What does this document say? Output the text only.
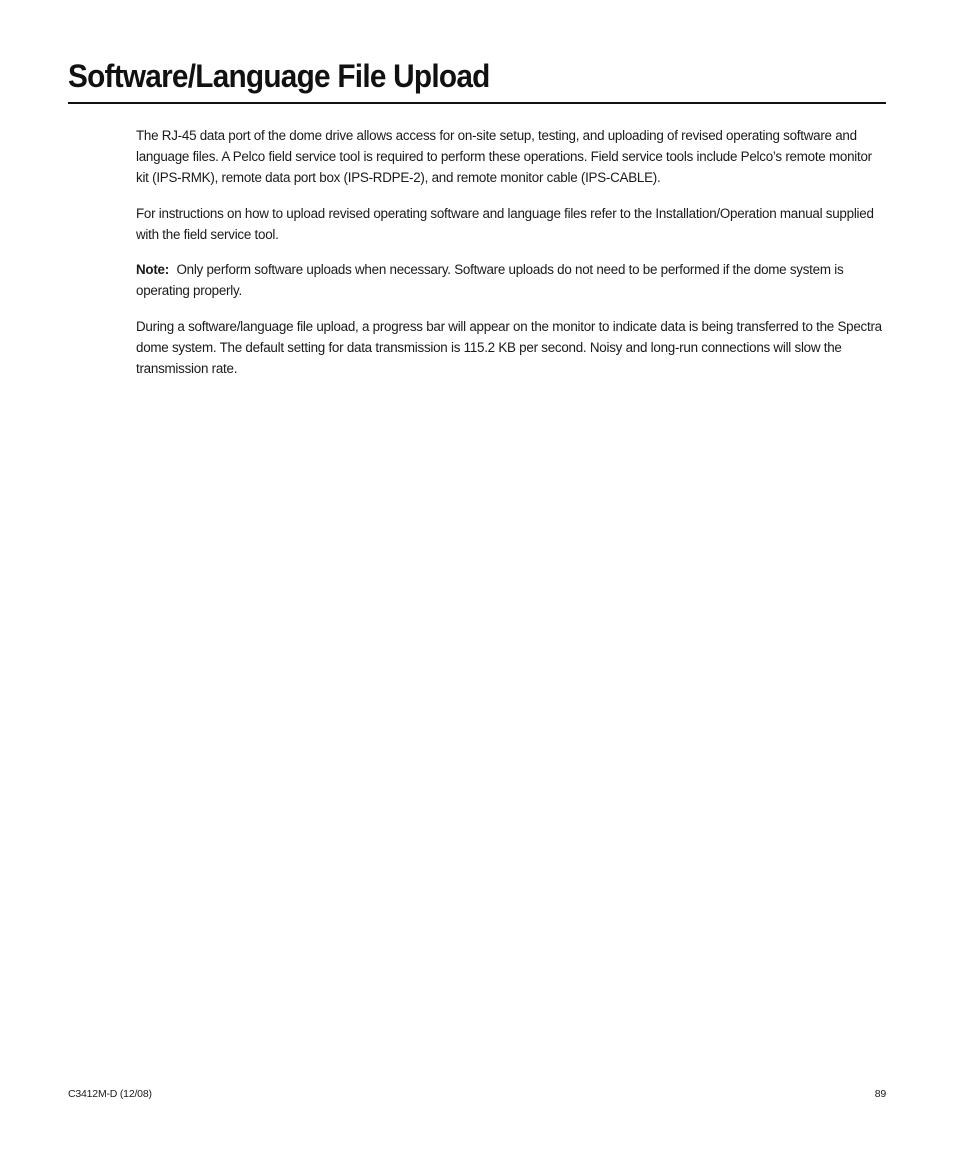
Software/Language File Upload

The RJ-45 data port of the dome drive allows access for on-site setup, testing, and uploading of revised operating software and language files. A Pelco field service tool is required to perform these operations. Field service tools include Pelco’s remote monitor kit (IPS-RMK), remote data port box (IPS-RDPE-2), and remote monitor cable (IPS-CABLE).

For instructions on how to upload revised operating software and language files refer to the Installation/Operation manual supplied with the field service tool.

Note: Only perform software uploads when necessary. Software uploads do not need to be performed if the dome system is operating properly.

During a software/language file upload, a progress bar will appear on the monitor to indicate data is being transferred to the Spectra dome system. The default setting for data transmission is 115.2 KB per second. Noisy and long-run connections will slow the transmission rate.

C3412M-D (12/08)	89
